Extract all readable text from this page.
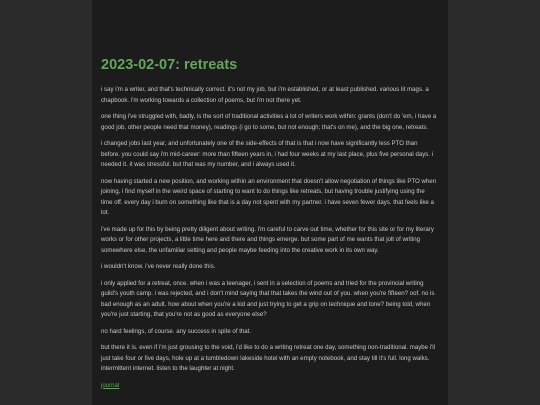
2023-02-07: retreats

i say i'm a writer, and that's technically correct. it's not my job, but i'm established, or at least published. various lit mags. a chapbook. i'm working towards a collection of poems, but i'm not there yet.

one thing i've struggled with, badly, is the sort of traditional activities a lot of writers work within: grants (don't do 'em, i have a good job, other people need that money), readings (i go to some, but not enough; that's on me), and the big one, retreats.

i changed jobs last year, and unfortunately one of the side-effects of that is that i now have significantly less PTO than before. you could say i'm mid-career: more than fifteen years in, i had four weeks at my last place, plus five personal days. i needed it. it was stressful. but that was my number, and i always used it.

now having started a new position, and working within an environment that doesn't allow negotiation of things like PTO when joining, i find myself in the weird space of starting to want to do things like retreats, but having trouble justifying using the time off. every day i burn on something like that is a day not spent with my partner. i have seven fewer days. that feels like a lot.

i've made up for this by being pretty diligent about writing. i'm careful to carve out time, whether for this site or for my literary works or for other projects, a little time here and there and things emerge. but some part of me wants that jolt of writing somewhere else, the unfamiliar setting and people maybe feeding into the creative work in its own way.

i wouldn't know. i've never really done this.

i only applied for a retreat, once. when i was a teenager, i sent in a selection of poems and tried for the provincial writing guild's youth camp. i was rejected, and i don't mind saying that that takes the wind out of you. when you're fifteen? oof. no is bad enough as an adult. how about when you're a kid and just trying to get a grip on technique and tone? being told, when you're just starting, that you're not as good as everyone else?

no hard feelings, of course. any success in spite of that.

but there it is. even if i'm just grousing to the void, i'd like to do a writing retreat one day, something non-traditional. maybe i'll just take four or five days, hole up at a tumbledown lakeside hotel with an empty notebook, and stay till it's full. long walks. intermittent internet. listen to the laughter at night.

journal
